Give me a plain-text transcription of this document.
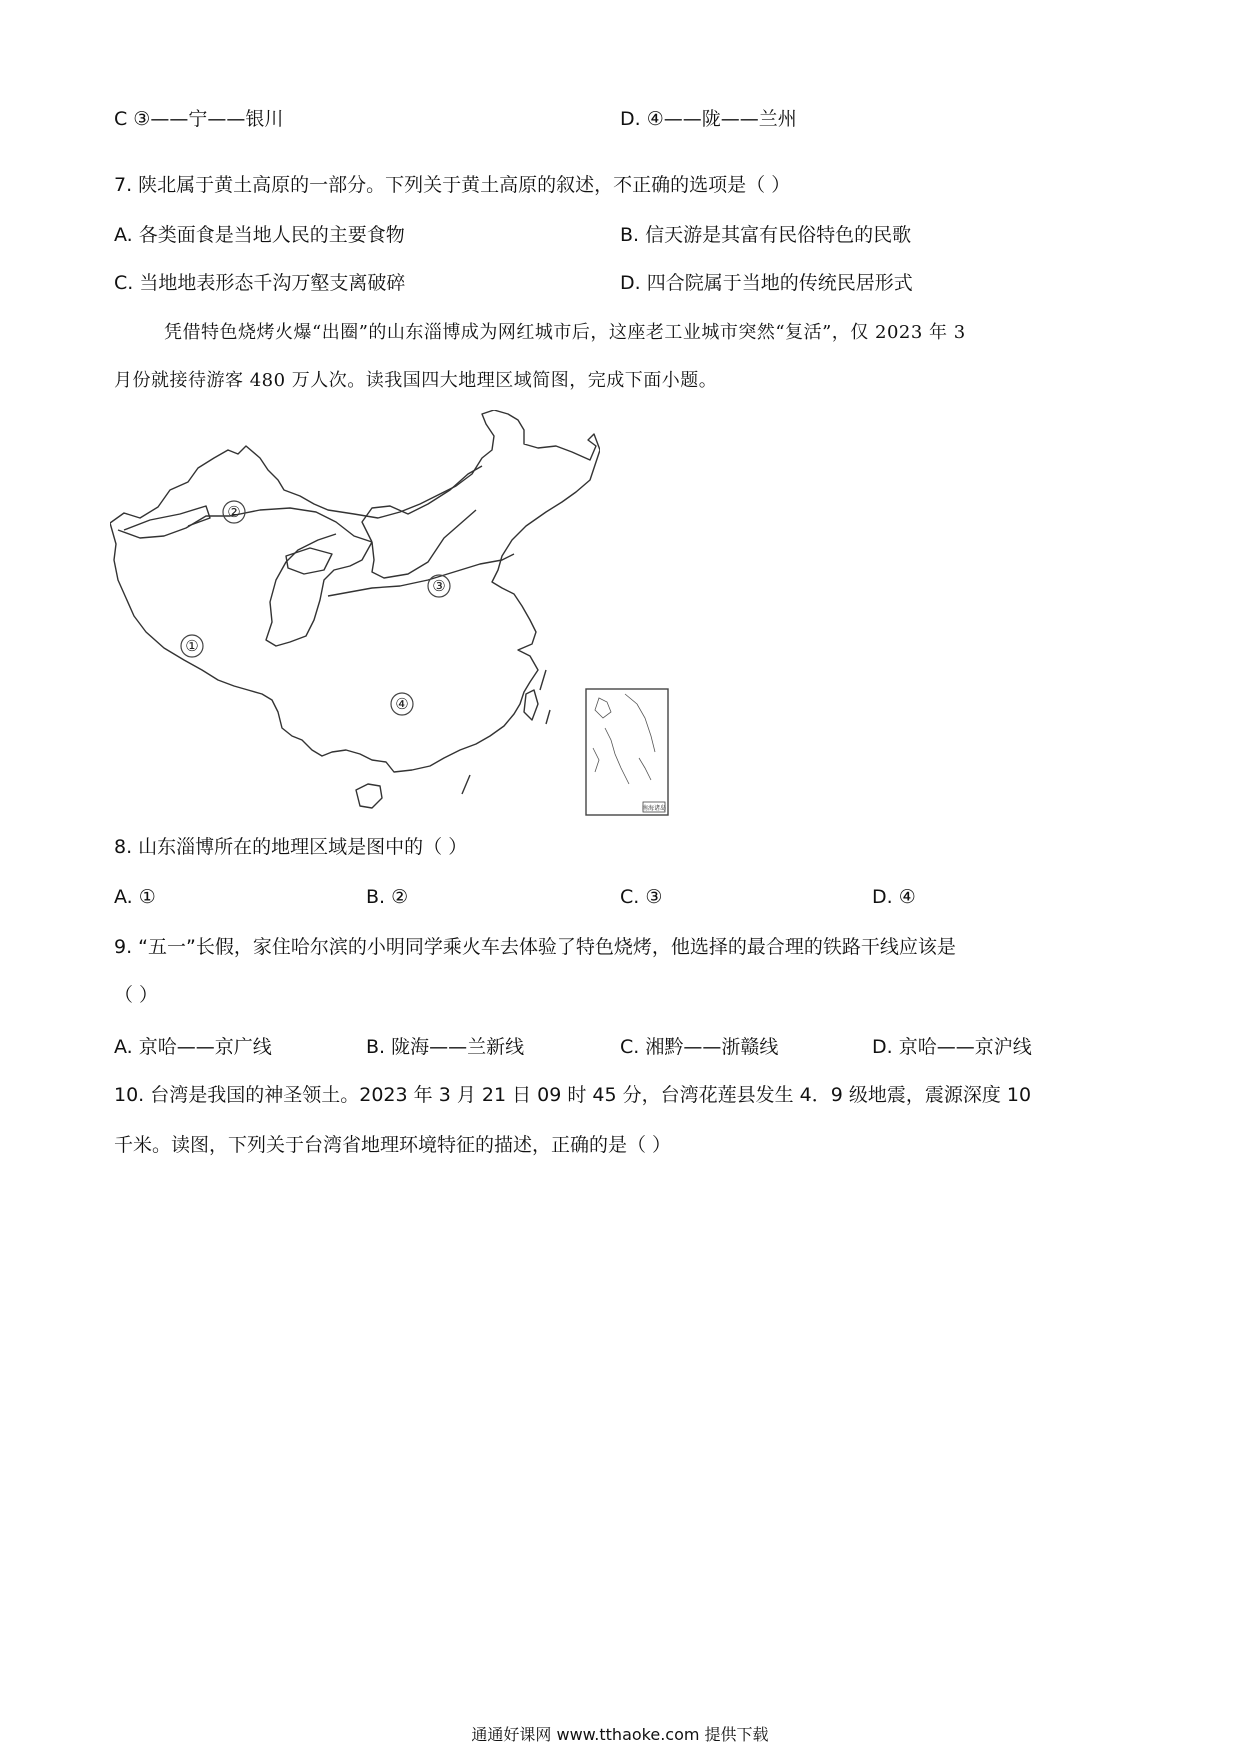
C ③——宁——银川	D. ④——陇——兰州
7. 陕北属于黄土高原的一部分。下列关于黄土高原的叙述，不正确的选项是（ ）
A. 各类面食是当地人民的主要食物	B. 信天游是其富有民俗特色的民歌
C. 当地地表形态千沟万壑支离破碎	D. 四合院属于当地的传统民居形式
凭借特色烧烤火爆“出圈”的山东淄博成为网红城市后，这座老工业城市突然“复活”，仅 2023 年 3
月份就接待游客 480 万人次。读我国四大地理区域简图，完成下面小题。
②
①
③
④
南海诸岛
8. 山东淄博所在的地理区域是图中的（ ）
A. ①	B. ②	C. ③	D. ④
9. “五一”长假，家住哈尔滨的小明同学乘火车去体验了特色烧烤，他选择的最合理的铁路干线应该是
（ ）
A. 京哈——京广线	B. 陇海——兰新线	C. 湘黔——浙赣线	D. 京哈——京沪线
10. 台湾是我国的神圣领土。2023 年 3 月 21 日 09 时 45 分，台湾花莲县发生 4．9 级地震，震源深度 10
千米。读图，下列关于台湾省地理环境特征的描述，正确的是（ ）
通通好课网 www.tthaoke.com 提供下载
